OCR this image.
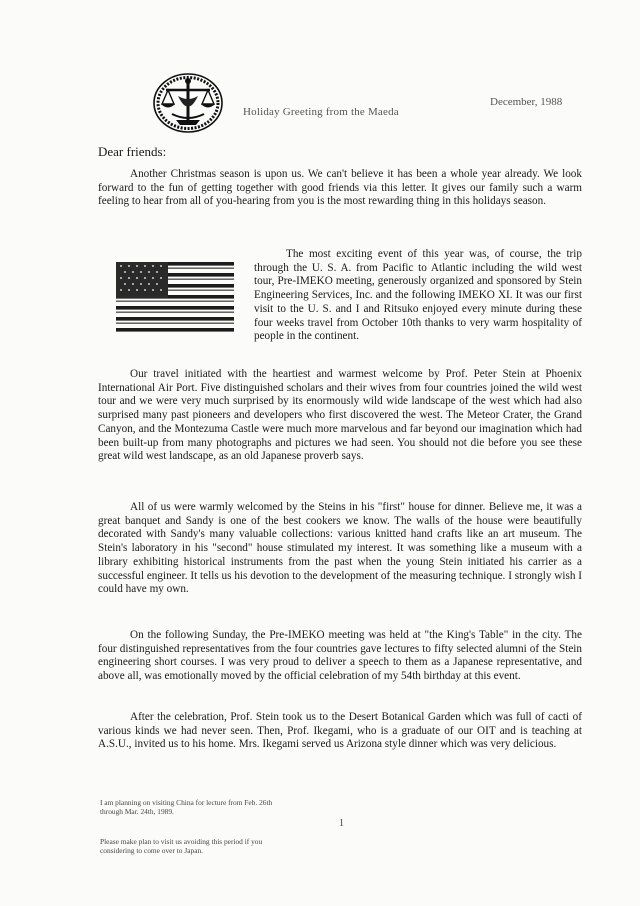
Holiday Greeting from the Maeda
December, 1988
Dear friends:

Another Christmas season is upon us. We can't believe it has been a whole year already. We look forward to the fun of getting together with good friends via this letter. It gives our family such a warm feeling to hear from all of you-hearing from you is the most rewarding thing in this holidays season.

The most exciting event of this year was, of course, the trip through the U. S. A. from Pacific to Atlantic including the wild west tour, Pre-IMEKO meeting, generously organized and sponsored by Stein Engineering Services, Inc. and the following IMEKO XI. It was our first visit to the U. S. and I and Ritsuko enjoyed every minute during these four weeks travel from October 10th thanks to very warm hospitality of people in the continent.

Our travel initiated with the heartiest and warmest welcome by Prof. Peter Stein at Phoenix International Air Port. Five distinguished scholars and their wives from four countries joined the wild west tour and we were very much surprised by its enormously wild wide landscape of the west which had also surprised many past pioneers and developers who first discovered the west. The Meteor Crater, the Grand Canyon, and the Montezuma Castle were much more marvelous and far beyond our imagination which had been built-up from many photographs and pictures we had seen. You should not die before you see these great wild west landscape, as an old Japanese proverb says.

All of us were warmly welcomed by the Steins in his "first" house for dinner. Believe me, it was a great banquet and Sandy is one of the best cookers we know. The walls of the house were beautifully decorated with Sandy's many valuable collections: various knitted hand crafts like an art museum. The Stein's laboratory in his "second" house stimulated my interest. It was something like a museum with a library exhibiting historical instruments from the past when the young Stein initiated his carrier as a successful engineer. It tells us his devotion to the development of the measuring technique. I strongly wish I could have my own.

On the following Sunday, the Pre-IMEKO meeting was held at "the King's Table" in the city. The four distinguished representatives from the four countries gave lectures to fifty selected alumni of the Stein engineering short courses. I was very proud to deliver a speech to them as a Japanese representative, and above all, was emotionally moved by the official celebration of my 54th birthday at this event.

After the celebration, Prof. Stein took us to the Desert Botanical Garden which was full of cacti of various kinds we had never seen. Then, Prof. Ikegami, who is a graduate of our OIT and is teaching at A.S.U., invited us to his home. Mrs. Ikegami served us Arizona style dinner which was very delicious.

1
I am planning on visiting China for lecture from Feb. 26th through Mar. 24th, 1989.
Please make plan to visit us avoiding this period if you considering to come over to Japan.
